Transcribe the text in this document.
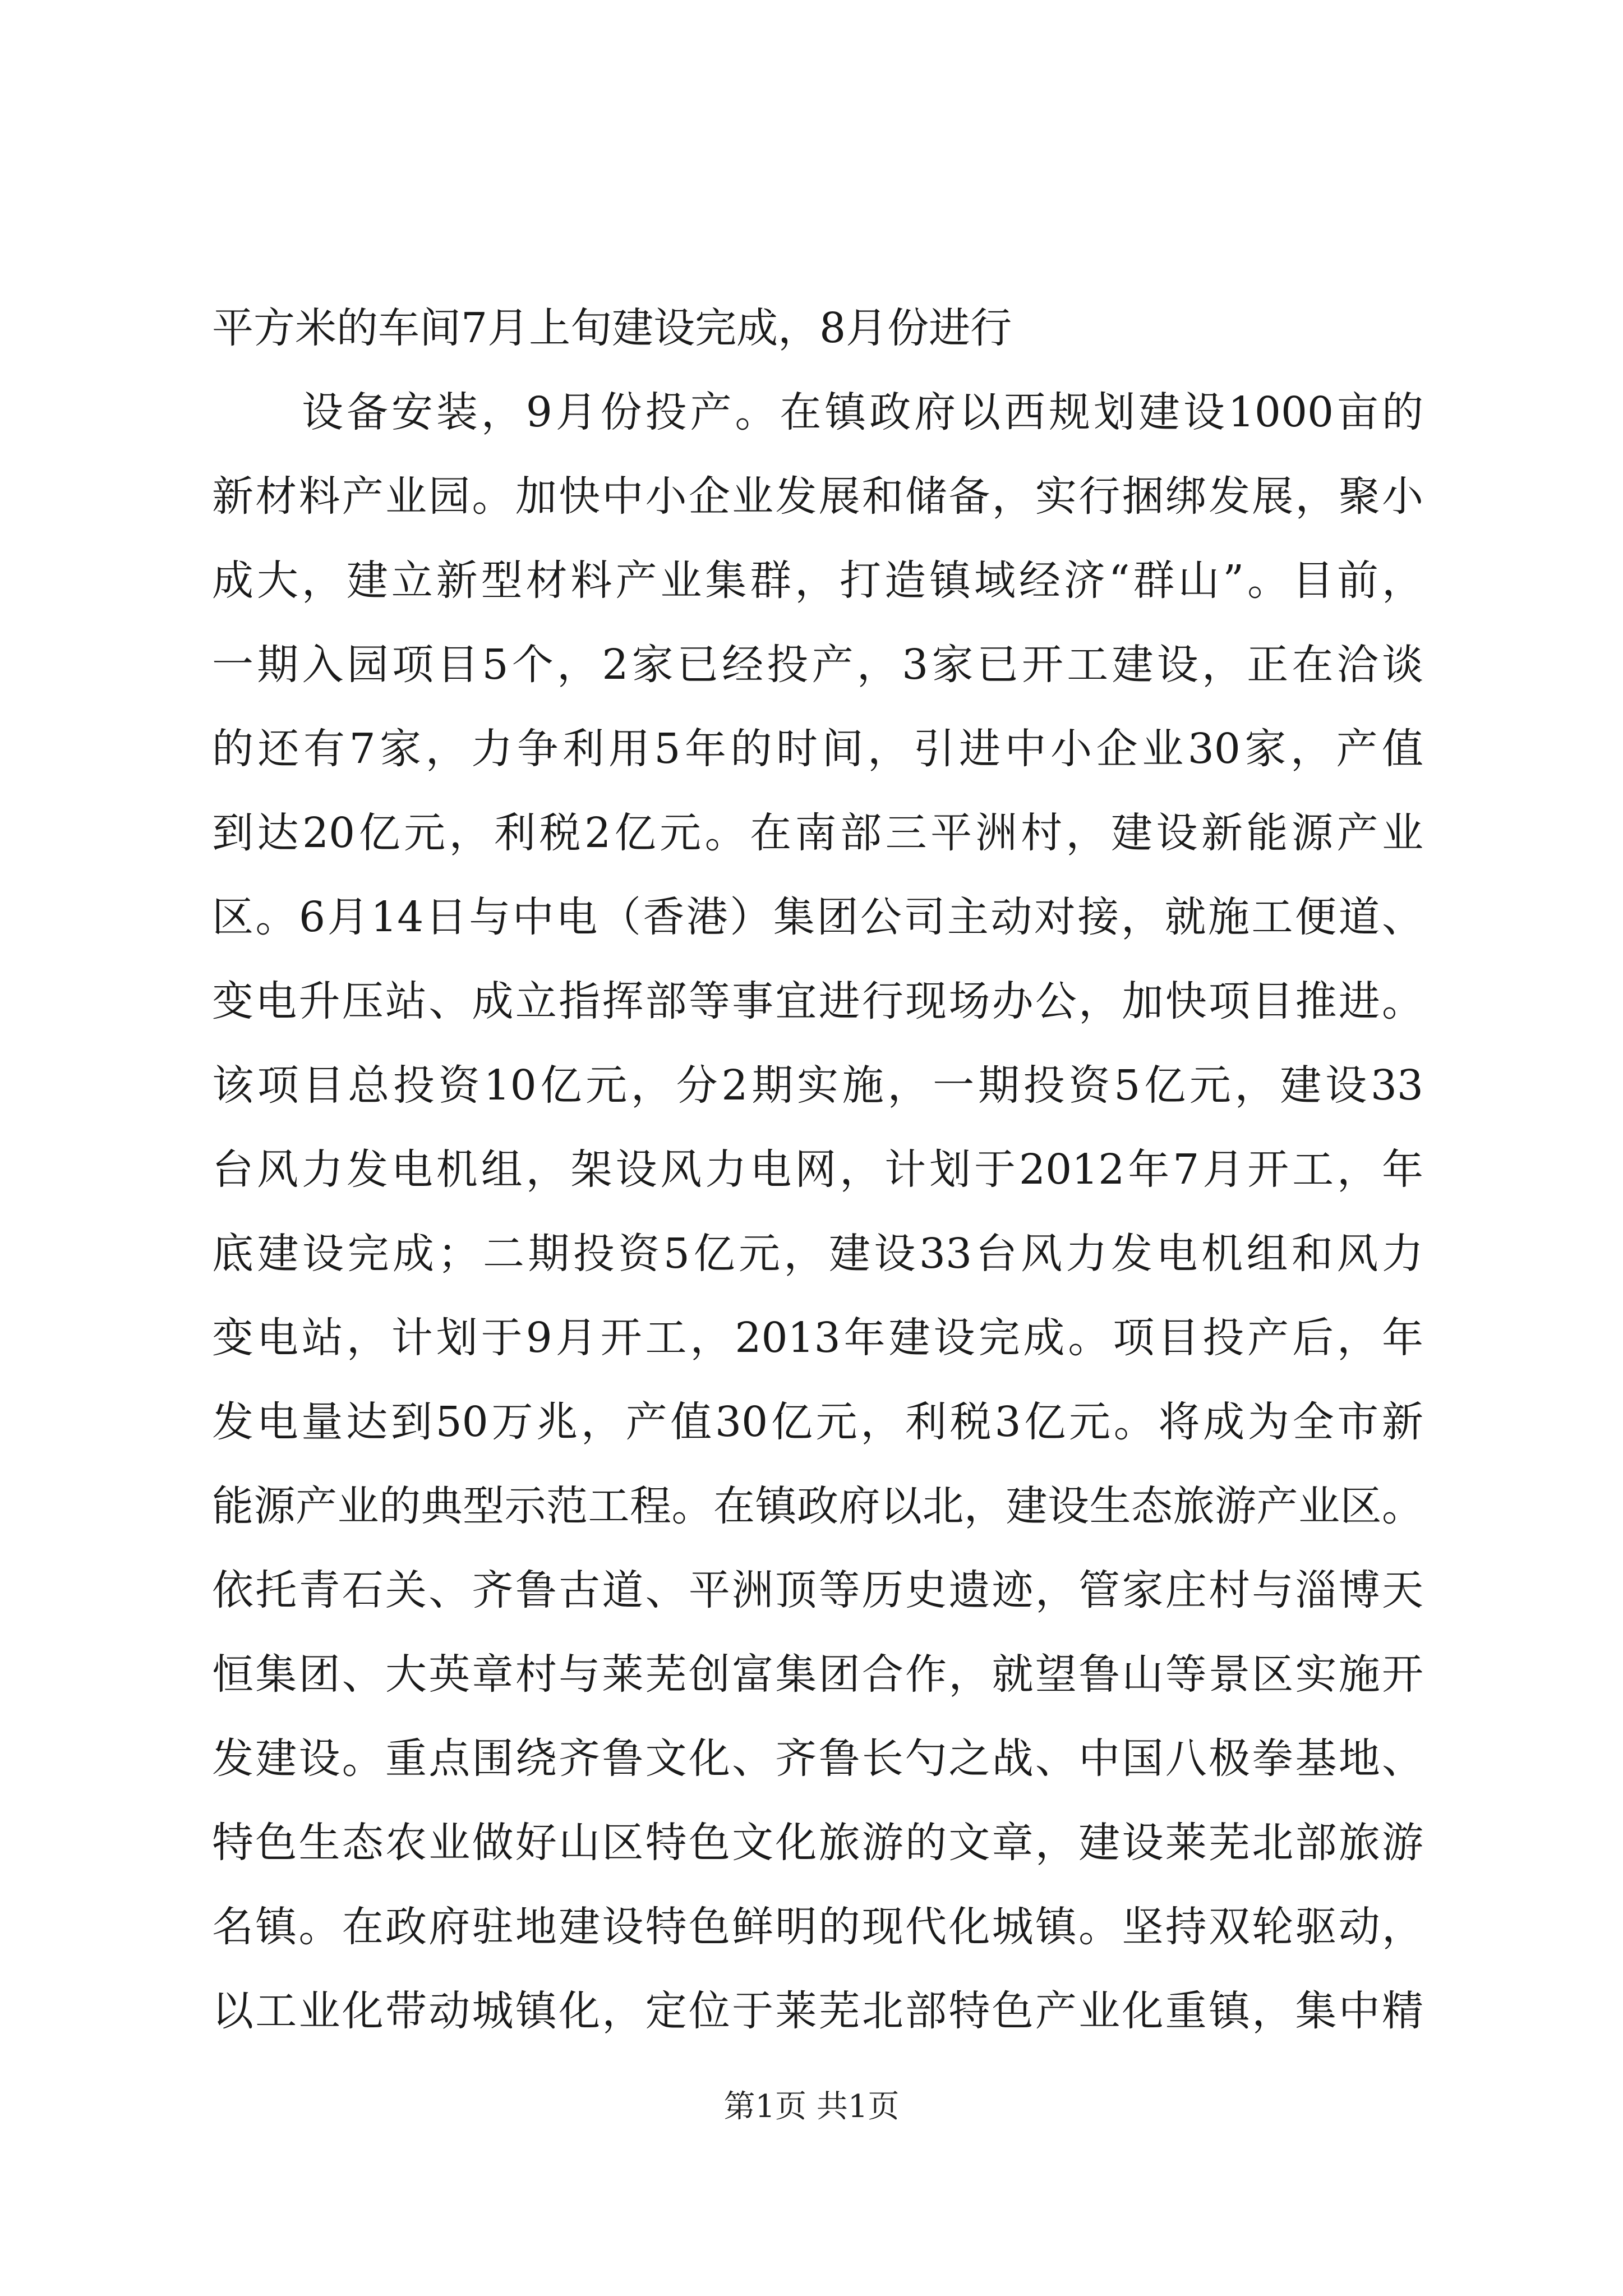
平方米的车间7月上旬建设完成，8月份进行
设备安装，9月份投产。在镇政府以西规划建设1000亩的
新材料产业园。加快中小企业发展和储备，实行捆绑发展，聚小
成大，建立新型材料产业集群，打造镇域经济“群山”。目前，
一期入园项目5个，2家已经投产，3家已开工建设，正在洽谈
的还有7家，力争利用5年的时间，引进中小企业30家，产值
到达20亿元，利税2亿元。在南部三平洲村，建设新能源产业
区。6月14日与中电（香港）集团公司主动对接，就施工便道、
变电升压站、成立指挥部等事宜进行现场办公，加快项目推进。
该项目总投资10亿元，分2期实施，一期投资5亿元，建设33
台风力发电机组，架设风力电网，计划于2012年7月开工，年
底建设完成；二期投资5亿元，建设33台风力发电机组和风力
变电站，计划于9月开工，2013年建设完成。项目投产后，年
发电量达到50万兆，产值30亿元，利税3亿元。将成为全市新
能源产业的典型示范工程。在镇政府以北，建设生态旅游产业区。
依托青石关、齐鲁古道、平洲顶等历史遗迹，管家庄村与淄博天
恒集团、大英章村与莱芜创富集团合作，就望鲁山等景区实施开
发建设。重点围绕齐鲁文化、齐鲁长勺之战、中国八极拳基地、
特色生态农业做好山区特色文化旅游的文章，建设莱芜北部旅游
名镇。在政府驻地建设特色鲜明的现代化城镇。坚持双轮驱动，
以工业化带动城镇化，定位于莱芜北部特色产业化重镇，集中精
第1页 共1页
